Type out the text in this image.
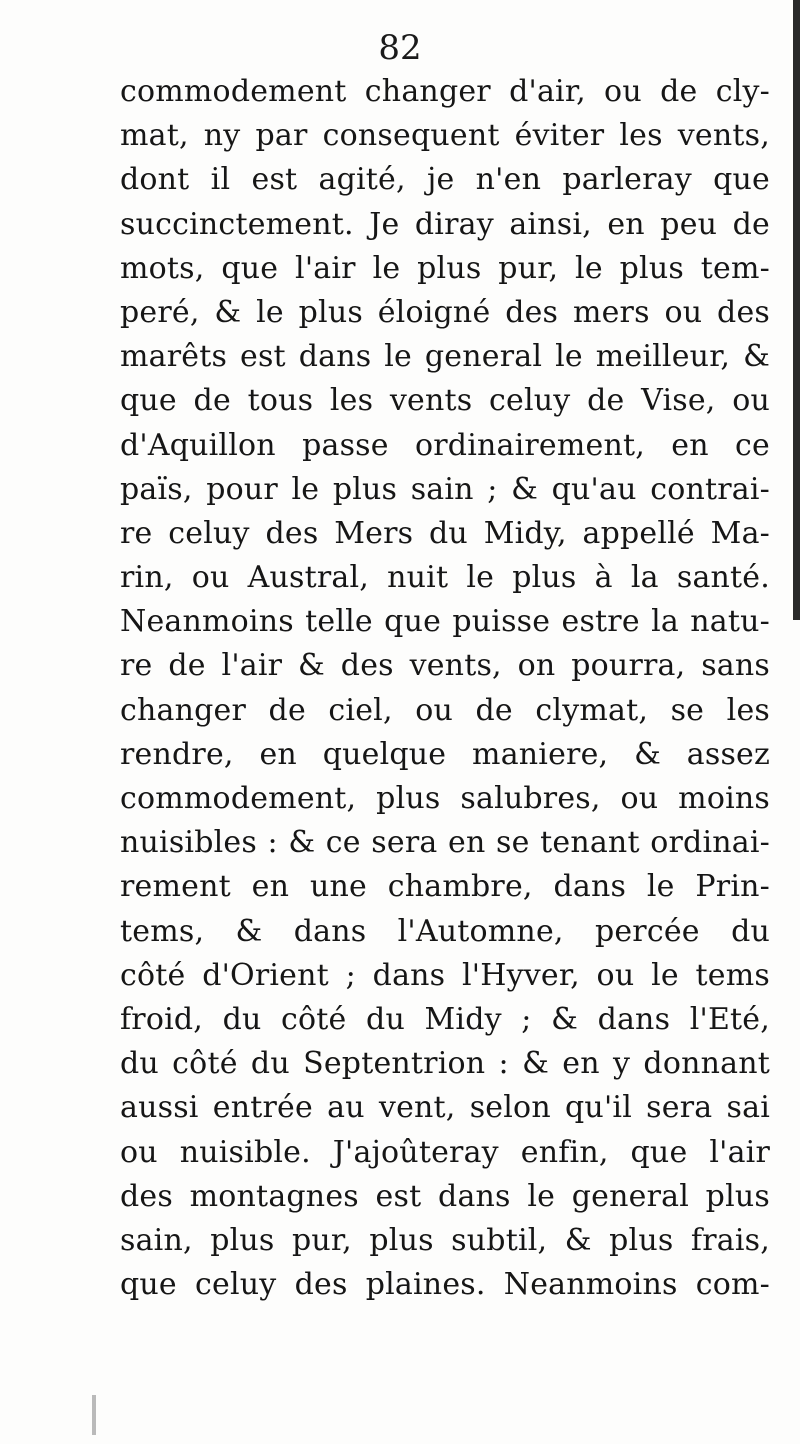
82
commodement changer d'air, ou de cly-
mat, ny par consequent éviter les vents,
dont il est agité, je n'en parleray que
succinctement. Je diray ainsi, en peu de
mots, que l'air le plus pur, le plus tem-
peré, & le plus éloigné des mers ou des
marêts est dans le general le meilleur, &
que de tous les vents celuy de Vise, ou
d'Aquillon passe ordinairement, en ce
païs, pour le plus sain ; & qu'au contrai-
re celuy des Mers du Midy, appellé Ma-
rin, ou Austral, nuit le plus à la santé.
Neanmoins telle que puisse estre la natu-
re de l'air & des vents, on pourra, sans
changer de ciel, ou de clymat, se les
rendre, en quelque maniere, & assez
commodement, plus salubres, ou moins
nuisibles : & ce sera en se tenant ordinai-
rement en une chambre, dans le Prin-
tems, & dans l'Automne, percée du
côté d'Orient ; dans l'Hyver, ou le tems
froid, du côté du Midy ; & dans l'Eté,
du côté du Septentrion : & en y donnant
aussi entrée au vent, selon qu'il sera sai
ou nuisible. J'ajoûteray enfin, que l'air
des montagnes est dans le general plus
sain, plus pur, plus subtil, & plus frais,
que celuy des plaines. Neanmoins com-
